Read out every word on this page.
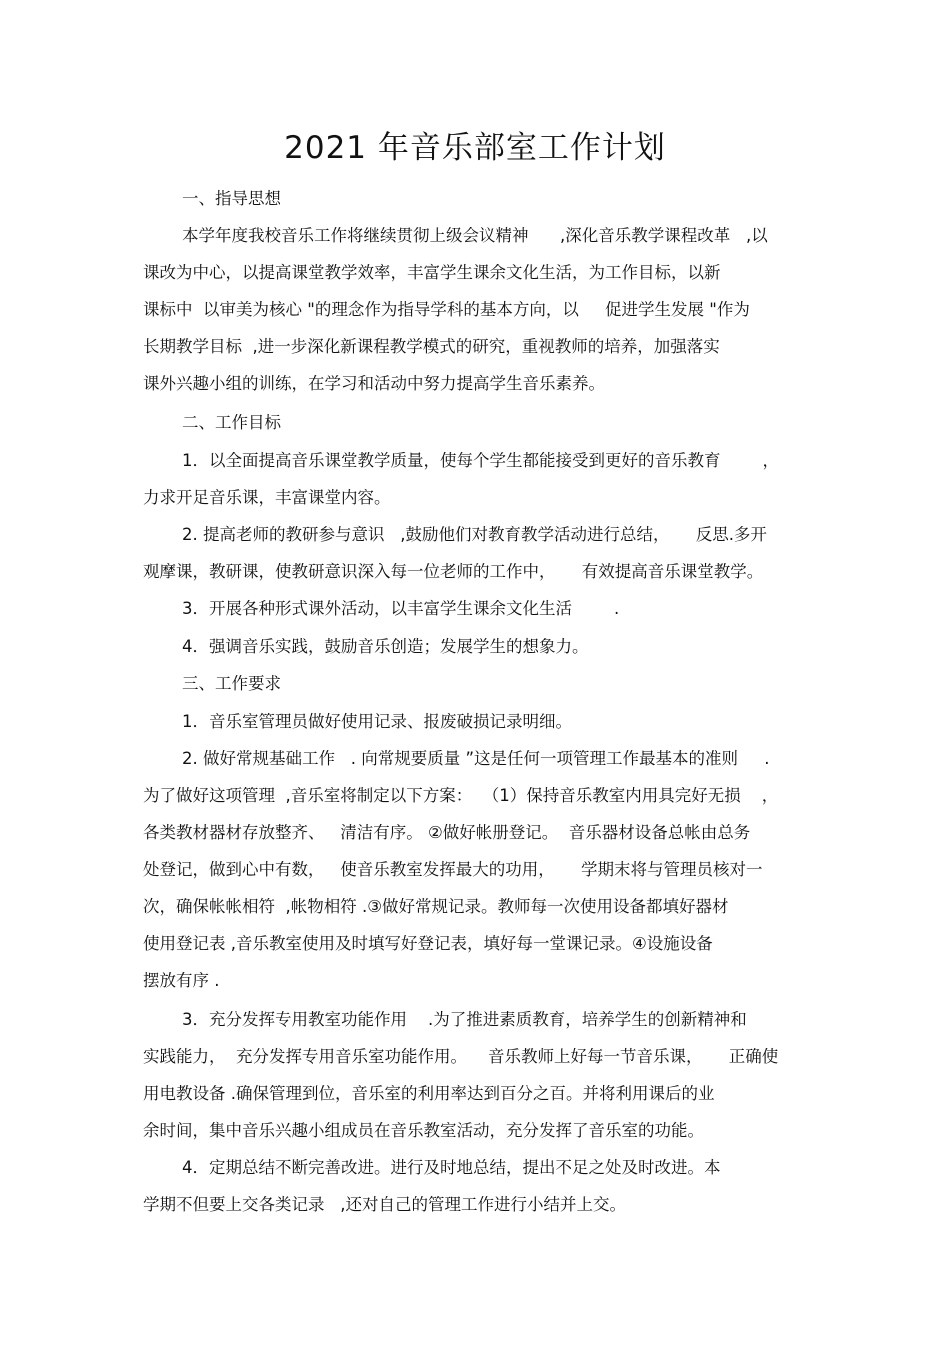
2021 年音乐部室工作计划

一、指导思想

本学年度我校音乐工作将继续贯彻上级会议精神      ,深化音乐教学课程改革   ,以

课改为中心，以提高课堂教学效率，丰富学生课余文化生活，为工作目标，以新

课标中  以审美为核心 "的理念作为指导学科的基本方向，以     促进学生发展 "作为

长期教学目标  ,进一步深化新课程教学模式的研究，重视教师的培养，加强落实

课外兴趣小组的训练，在学习和活动中努力提高学生音乐素养。

二、工作目标

1．以全面提高音乐课堂教学质量，使每个学生都能接受到更好的音乐教育        ，

力求开足音乐课，丰富课堂内容。

2. 提高老师的教研参与意识   ,鼓励他们对教育教学活动进行总结，     反思.多开

观摩课，教研课，使教研意识深入每一位老师的工作中，     有效提高音乐课堂教学。

3．开展各种形式课外活动，以丰富学生课余文化生活        .

4．强调音乐实践，鼓励音乐创造；发展学生的想象力。

三、工作要求

1．音乐室管理员做好使用记录、报废破损记录明细。

2. 做好常规基础工作   . 向常规要质量 ”这是任何一项管理工作最基本的准则     .

为了做好这项管理  ,音乐室将制定以下方案：  （1）保持音乐教室内用具完好无损    ，

各类教材器材存放整齐、   清洁有序。 ②做好帐册登记。  音乐器材设备总帐由总务

处登记，做到心中有数，   使音乐教室发挥最大的功用，     学期末将与管理员核对一

次，确保帐帐相符  ,帐物相符 .③做好常规记录。教师每一次使用设备都填好器材

使用登记表 ,音乐教室使用及时填写好登记表，填好每一堂课记录。④设施设备

摆放有序 .

3．充分发挥专用教室功能作用    .为了推进素质教育，培养学生的创新精神和

实践能力，  充分发挥专用音乐室功能作用。    音乐教师上好每一节音乐课，     正确使

用电教设备 .确保管理到位，音乐室的利用率达到百分之百。并将利用课后的业

余时间，集中音乐兴趣小组成员在音乐教室活动，充分发挥了音乐室的功能。

4．定期总结不断完善改进。进行及时地总结，提出不足之处及时改进。本

学期不但要上交各类记录   ,还对自己的管理工作进行小结并上交。
